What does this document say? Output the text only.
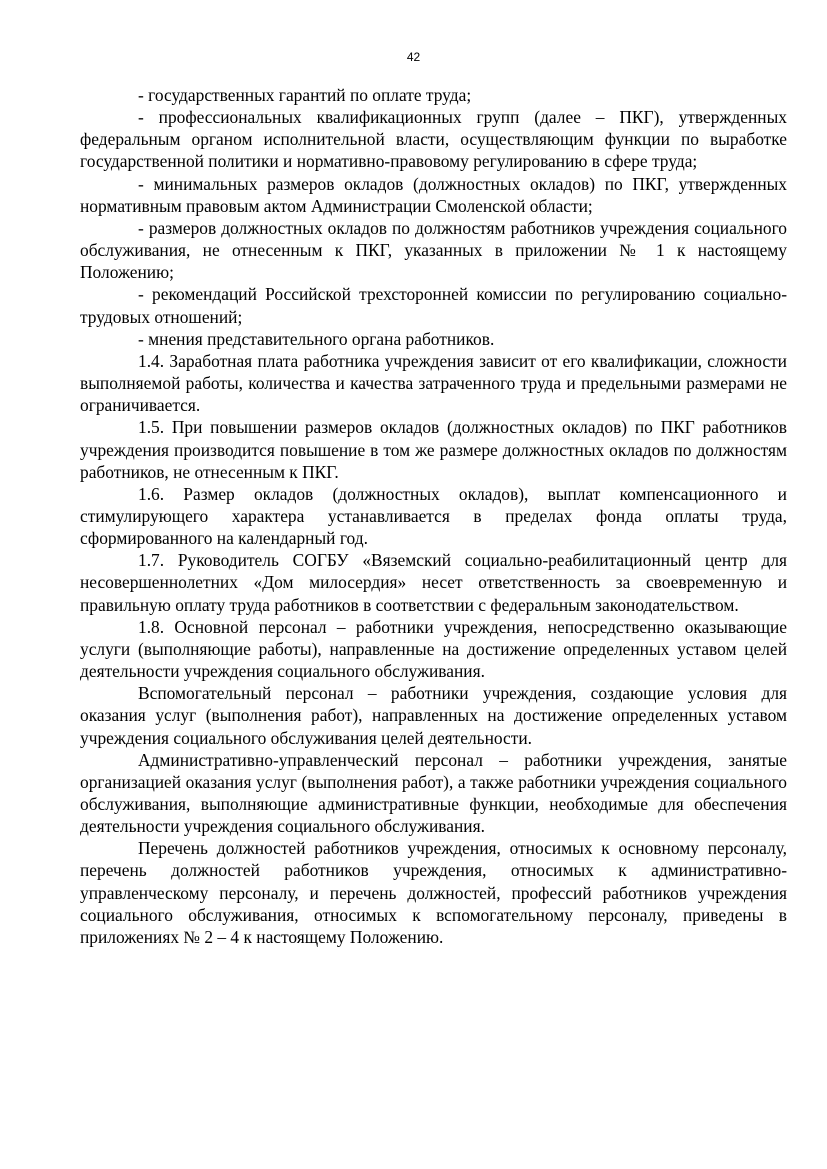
42

- государственных гарантий по оплате труда;

- профессиональных квалификационных групп (далее – ПКГ), утвержденных федеральным органом исполнительной власти, осуществляющим функции по выработке государственной политики и нормативно-правовому регулированию в сфере труда;

- минимальных размеров окладов (должностных окладов) по ПКГ, утвержденных нормативным правовым актом Администрации Смоленской области;

- размеров должностных окладов по должностям работников учреждения социального обслуживания, не отнесенным к ПКГ, указанных в приложении № 1 к настоящему Положению;

- рекомендаций Российской трехсторонней комиссии по регулированию социально-трудовых отношений;

- мнения представительного органа работников.

1.4. Заработная плата работника учреждения зависит от его квалификации, сложности выполняемой работы, количества и качества затраченного труда и предельными размерами не ограничивается.

1.5. При повышении размеров окладов (должностных окладов) по ПКГ работников учреждения производится повышение в том же размере должностных окладов по должностям работников, не отнесенным к ПКГ.

1.6. Размер окладов (должностных окладов), выплат компенсационного и стимулирующего характера устанавливается в пределах фонда оплаты труда, сформированного на календарный год.

1.7. Руководитель СОГБУ «Вяземский социально-реабилитационный центр для несовершеннолетних «Дом милосердия» несет ответственность за своевременную и правильную оплату труда работников в соответствии с федеральным законодательством.

1.8. Основной персонал – работники учреждения, непосредственно оказывающие услуги (выполняющие работы), направленные на достижение определенных уставом целей деятельности учреждения социального обслуживания.

Вспомогательный персонал – работники учреждения, создающие условия для оказания услуг (выполнения работ), направленных на достижение определенных уставом учреждения социального обслуживания целей деятельности.

Административно-управленческий персонал – работники учреждения, занятые организацией оказания услуг (выполнения работ), а также работники учреждения социального обслуживания, выполняющие административные функции, необходимые для обеспечения деятельности учреждения социального обслуживания.

Перечень должностей работников учреждения, относимых к основному персоналу, перечень должностей работников учреждения, относимых к административно-управленческому персоналу, и перечень должностей, профессий работников учреждения социального обслуживания, относимых к вспомогательному персоналу, приведены в приложениях № 2 – 4 к настоящему Положению.
